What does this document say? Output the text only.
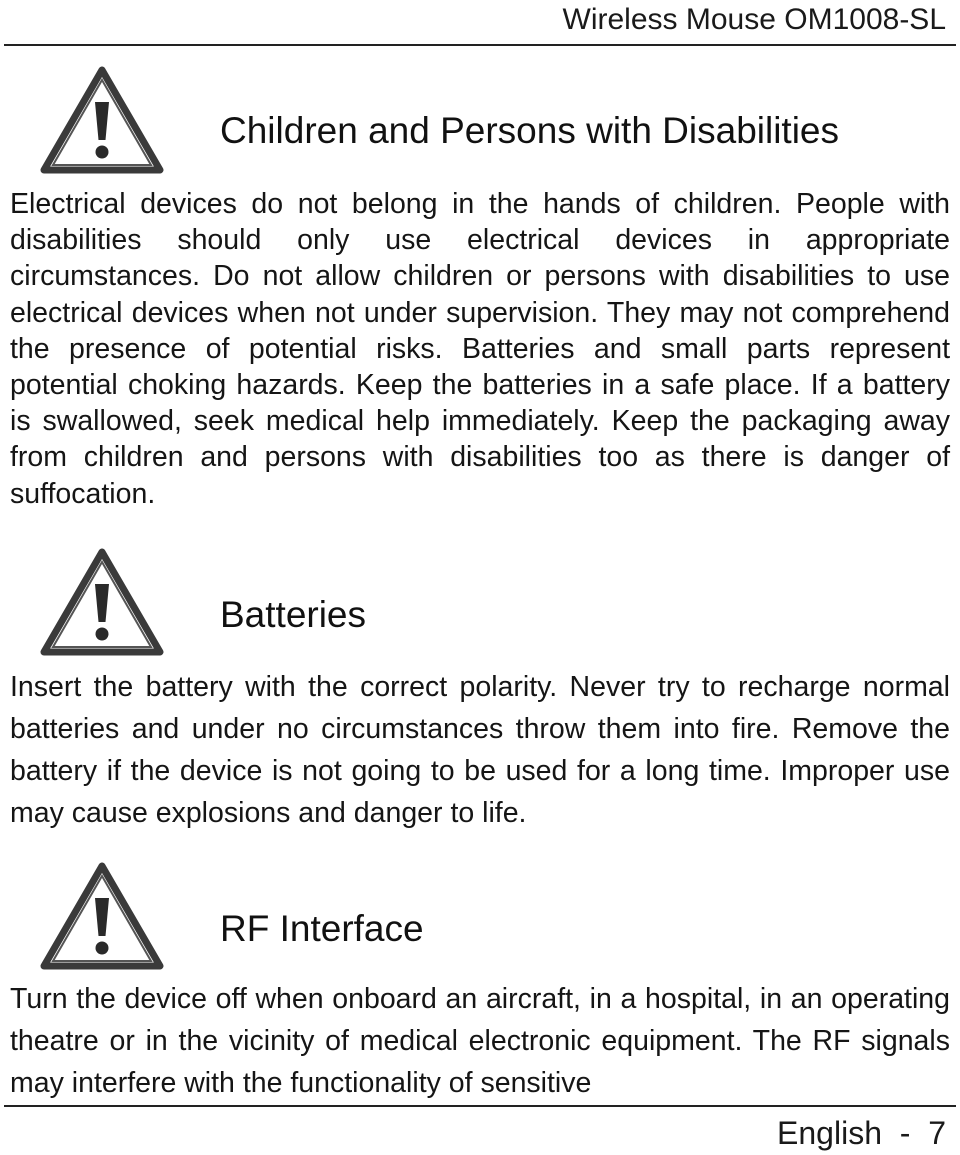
Wireless Mouse OM1008-SL
Children and Persons with Disabilities

Electrical devices do not belong in the hands of children. People with disabilities should only use electrical devices in appropriate circumstances. Do not allow children or persons with disabilities to use electrical devices when not under supervision. They may not comprehend the presence of potential risks. Batteries and small parts represent potential choking hazards. Keep the batteries in a safe place. If a battery is swallowed, seek medical help immediately. Keep the packaging away from children and persons with disabilities too as there is danger of suffocation.

Batteries

Insert the battery with the correct polarity. Never try to recharge normal batteries and under no circumstances throw them into fire. Remove the battery if the device is not going to be used for a long time. Improper use may cause explosions and danger to life.

RF Interface

Turn the device off when onboard an aircraft, in a hospital, in an operating theatre or in the vicinity of medical electronic equipment. The RF signals may interfere with the functionality of sensitive

English  -  7
